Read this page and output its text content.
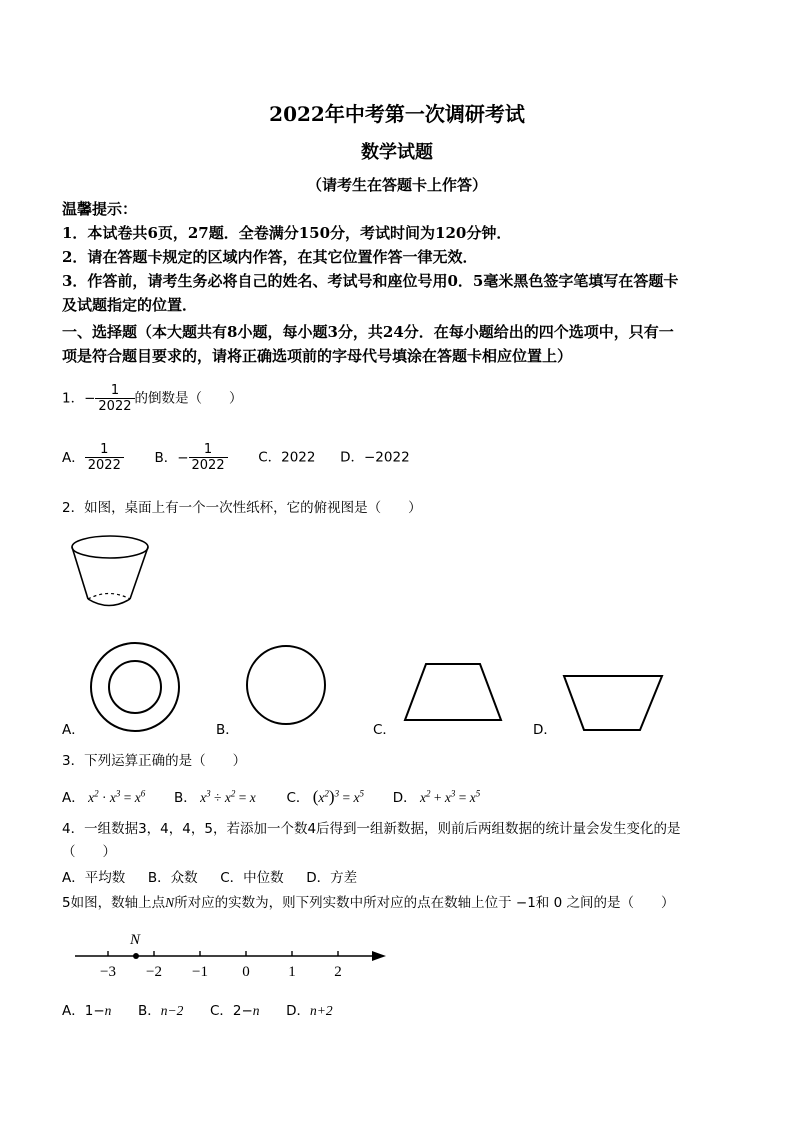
2022年中考第一次调研考试
数学试题
（请考生在答题卡上作答）
温馨提示：
1．本试卷共6页，27题．全卷满分150分，考试时间为120分钟．
2．请在答题卡规定的区域内作答，在其它位置作答一律无效．
3．作答前，请考生务必将自己的姓名、考试号和座位号用0．5毫米黑色签字笔填写在答题卡
及试题指定的位置．
一、选择题（本大题共有8小题，每小题3分，共24分．在每小题给出的四个选项中，只有一
项是符合题目要求的，请将正确选项前的字母代号填涂在答题卡相应位置上）
1．− $\frac{1}{2022}$ 的倒数是（　　）
A． $\frac{1}{2022}$ B．− $\frac{1}{2022}$ C．2022 D．−2022
2．如图，桌面上有一个一次性纸杯，它的俯视图是（　　）
A．	B．	C．	D．
3．下列运算正确的是（　　）
A． $x^2 \cdot x^3 = x^6$ B． $x^3 \div x^2 = x$ C． $(x^2)^3 = x^5$ D． $x^2 + x^3 = x^5$
4．一组数据3，4，4，5，若添加一个数4后得到一组新数据，则前后两组数据的统计量会发生变化的是
（　　）
A．平均数 B．众数 C．中位数 D．方差
5如图，数轴上点N所对应的实数为，则下列实数中所对应的点在数轴上位于 −1和 0 之间的是（　　）
−3 −2 −1 0	1	2
N
A．1−n B．n−2 C．2−n D．n+2
